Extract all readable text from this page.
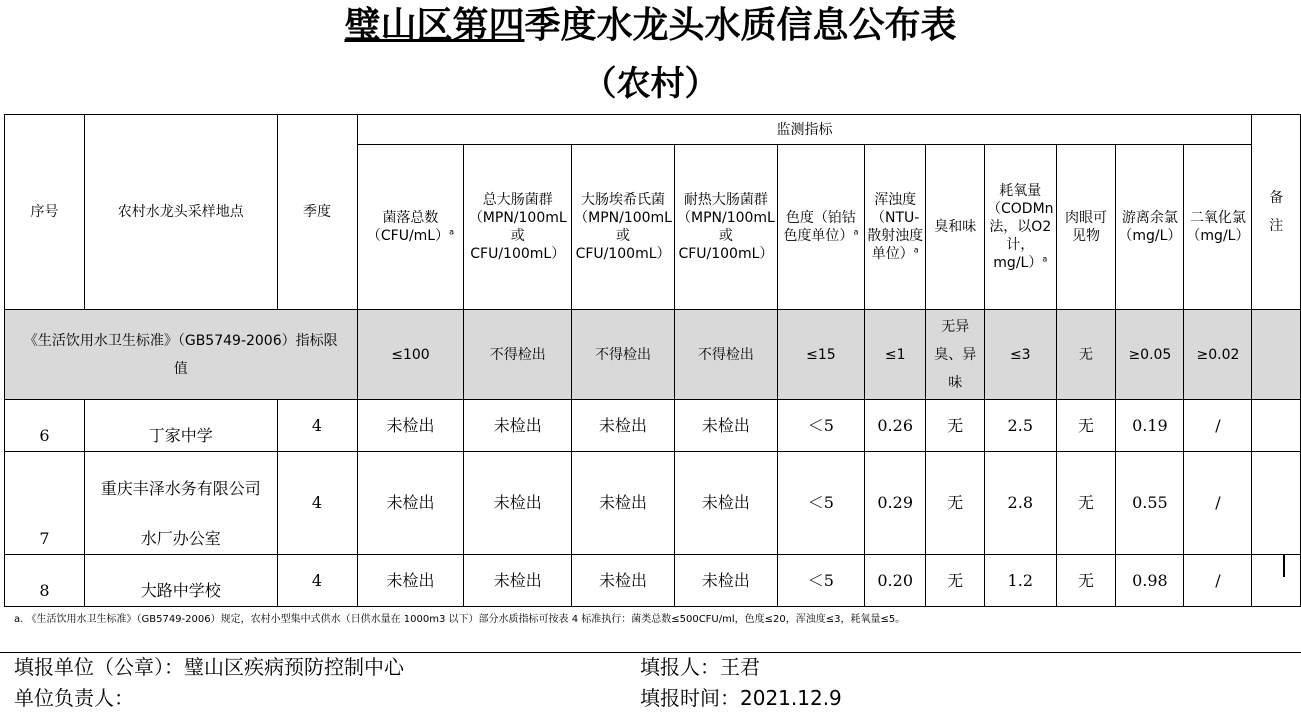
璧山区第四季度水龙头水质信息公布表
（农村）
序号	农村水龙头采样地点	季度	监测指标											备注
			菌落总数$(CFU/mL)^a$	总大肠菌群（MPN/100mL 或 CFU/100mL）	大肠埃希氏菌（MPN/100mL 或 CFU/100mL）	耐热大肠菌群（MPN/100mL 或 CFU/100mL）	色度（铂钴色度单位）$^a$	浑浊度（NTU-散射浊度单位）$^a$	臭和味	耗氧量（CODMn法，以O2计，mg/L）$^a$	肉眼可见物	游离余氯（mg/L）	二氧化氯（mg/L）	
《生活饮用水卫生标准》（GB5749-2006）指标限值			≤100	不得检出	不得检出	不得检出	≤15	≤1	无异臭、异味	≤3	无	≥0.05	≥0.02	
6	丁家中学	4	未检出	未检出	未检出	未检出	＜5	0.26	无	2.5	无	0.19	/	
7	重庆丰泽水务有限公司
水厂办公室	4	未检出	未检出	未检出	未检出	＜5	0.29	无	2.8	无	0.55	/	
8	大路中学校	4	未检出	未检出	未检出	未检出	＜5	0.20	无	1.2	无	0.98	/	
a. 《生活饮用水卫生标准》（GB5749-2006）规定，农村小型集中式供水（日供水量在 1000m3 以下）部分水质指标可按表 4 标准执行：菌类总数≤500CFU/ml，色度≤20，浑浊度≤3，耗氧量≤5。
填报单位（公章）：璧山区疾病预防控制中心	填报人：王君
单位负责人：	填报时间：2021.12.9
